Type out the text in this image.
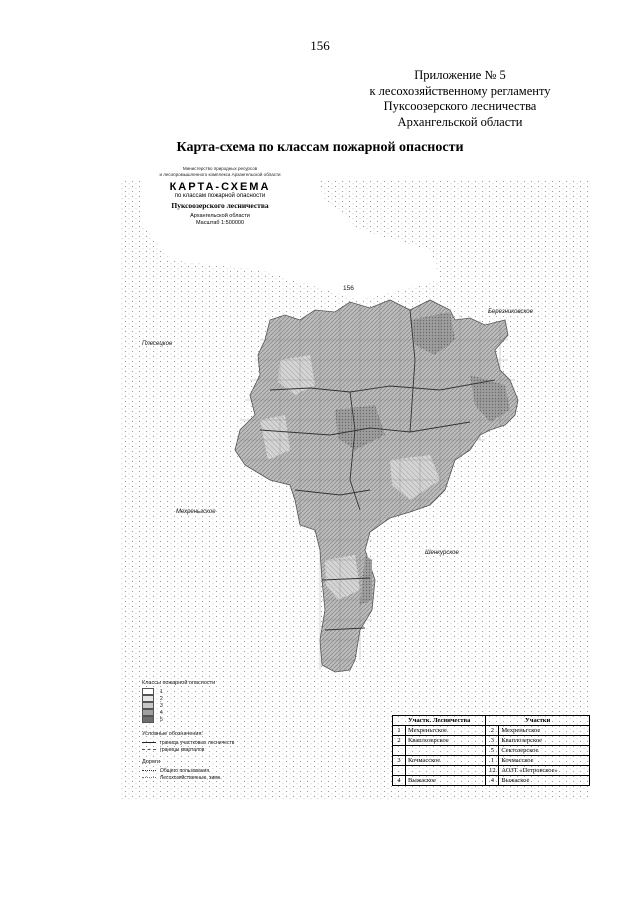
156
Приложение № 5
к лесохозяйственному регламенту
Пуксоозерского лесничества
Архангельской области
Карта-схема по классам пожарной опасности
Министерство природных ресурсов
и лесопромышленного комплекса Архангельской области
КАРТА-СХЕМА
по классам пожарной опасности
Пуксоозерского лесничества
Архангельской области
Масштаб 1:500000
156
Березниковское
Плесецкое
Мехреньгское
Шенкурское
Классы пожарной опасности
1
2
3
4
5
Условные обозначения:
граница участковых лесничеств
границы кварталов
Дороги
Общего пользования
Лесохозяйственные, зимн.
Участк. Лесничества		Участки	
1	Мехреньгское	2	Мехреньгское
2	Кваплозерское	3	Кваплозерское
		5	Сектозерское
3	Кочмасское	1	Кочмасское
		12	АОЗТ «Петровское»
4	Выжаское	4	Выжаское
